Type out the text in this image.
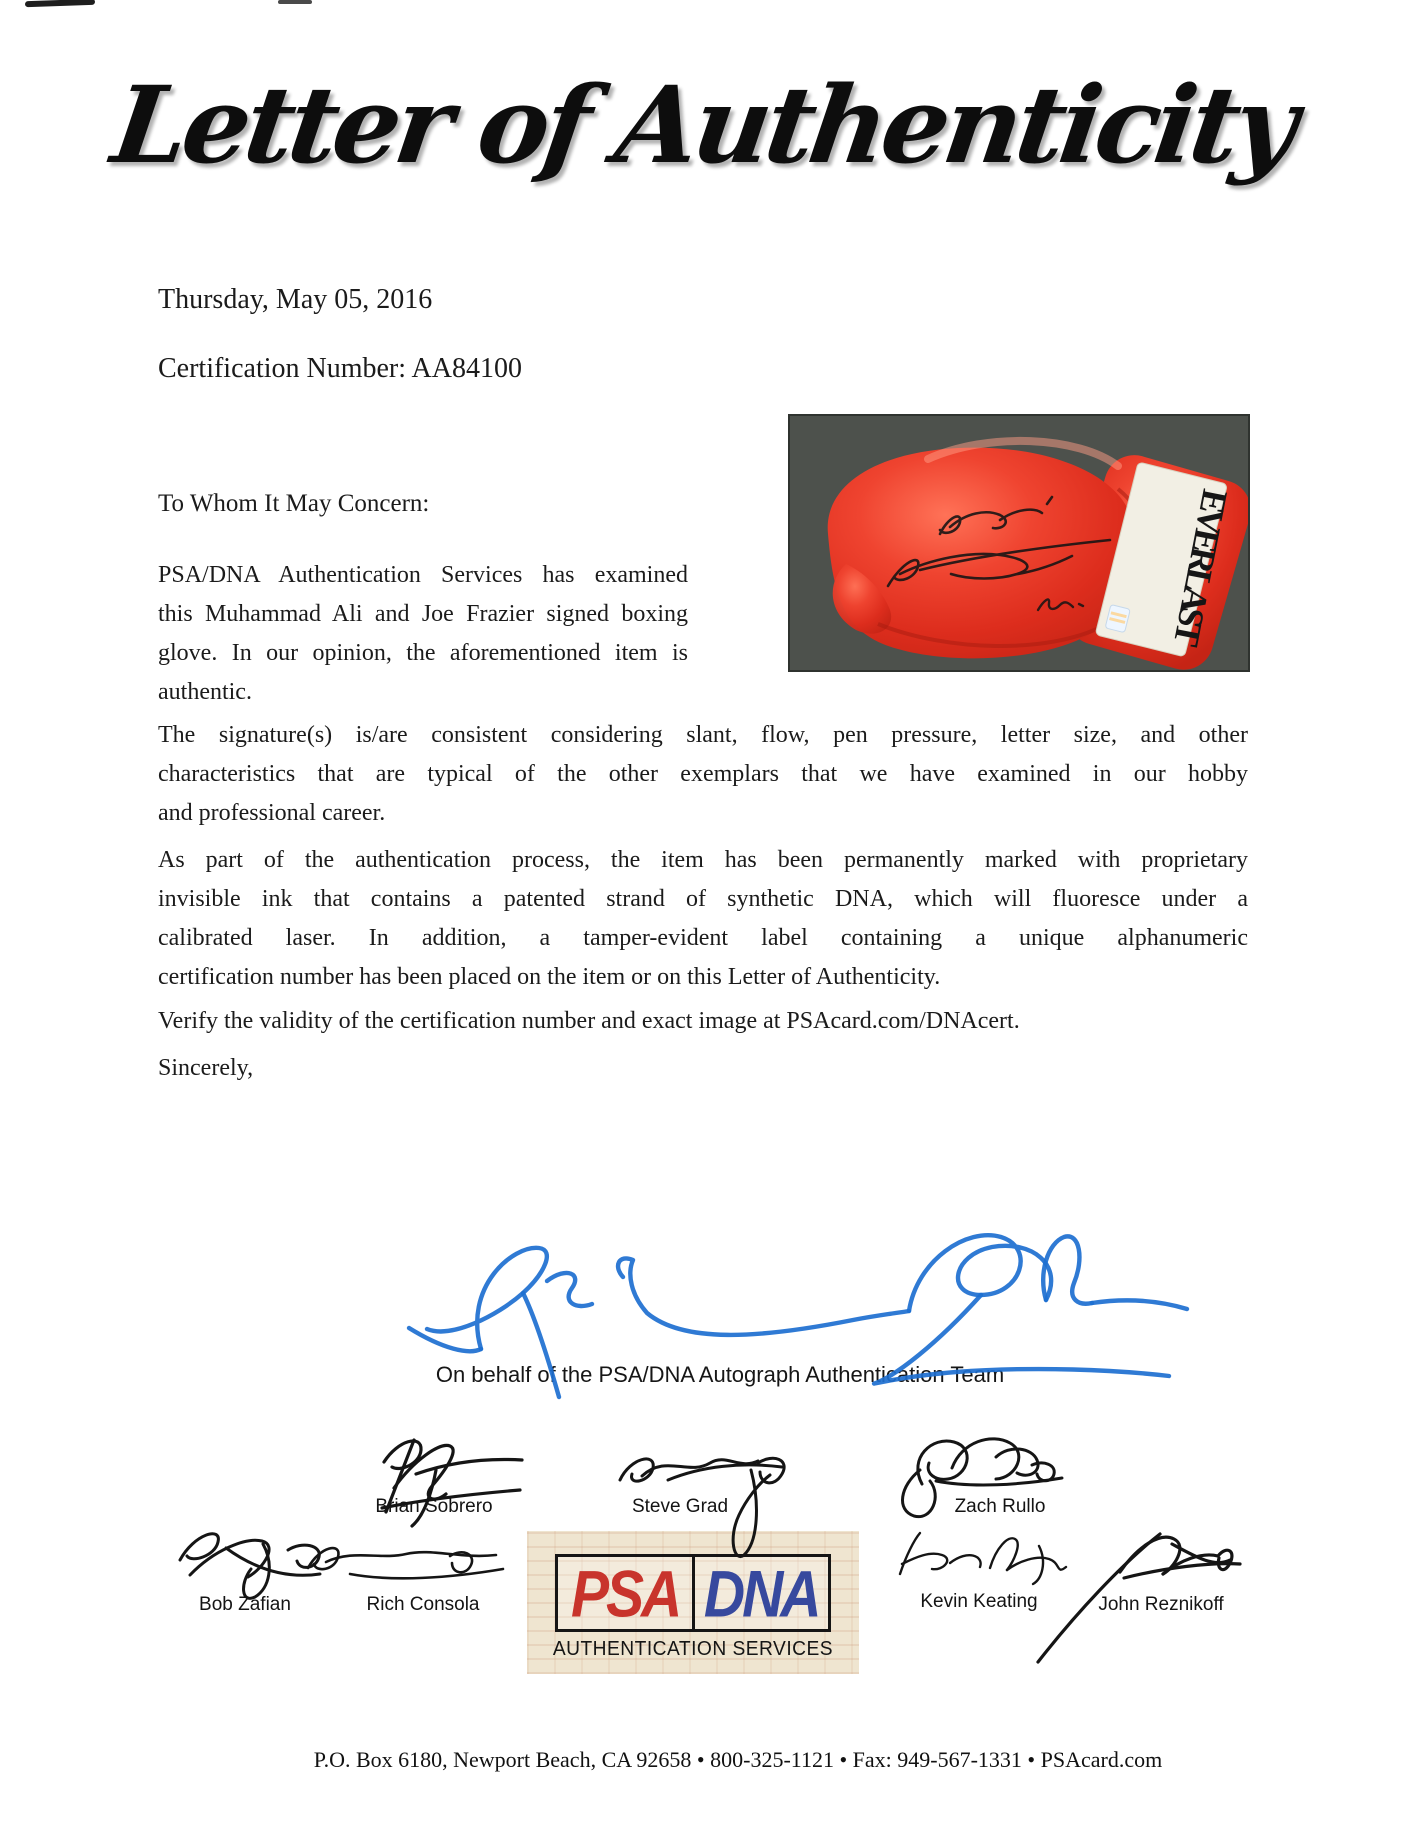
Letter of Authenticity
Thursday, May 05, 2016
Certification Number: AA84100
EVERLAST
To Whom It May Concern:
PSA/DNA Authentication Services has examined
this Muhammad Ali and Joe Frazier signed boxing
glove. In our opinion, the aforementioned item is
authentic.
The signature(s) is/are consistent considering slant, flow, pen pressure, letter size, and other
characteristics that are typical of the other exemplars that we have examined in our hobby
and professional career.
As part of the authentication process, the item has been permanently marked with proprietary
invisible ink that contains a patented strand of synthetic DNA, which will fluoresce under a
calibrated laser. In addition, a tamper-evident label containing a unique alphanumeric
certification number has been placed on the item or on this Letter of Authenticity.
Verify the validity of the certification number and exact image at PSAcard.com/DNAcert.
Sincerely,
On behalf of the PSA/DNA Autograph Authentication Team
Brian Sobrero	Steve Grad	Zach Rullo
Bob Zafian	Rich Consola	Kevin Keating	John Reznikoff
PSA DNA
AUTHENTICATION SERVICES
P.O. Box 6180, Newport Beach, CA 92658 • 800-325-1121 • Fax: 949-567-1331 • PSAcard.com
